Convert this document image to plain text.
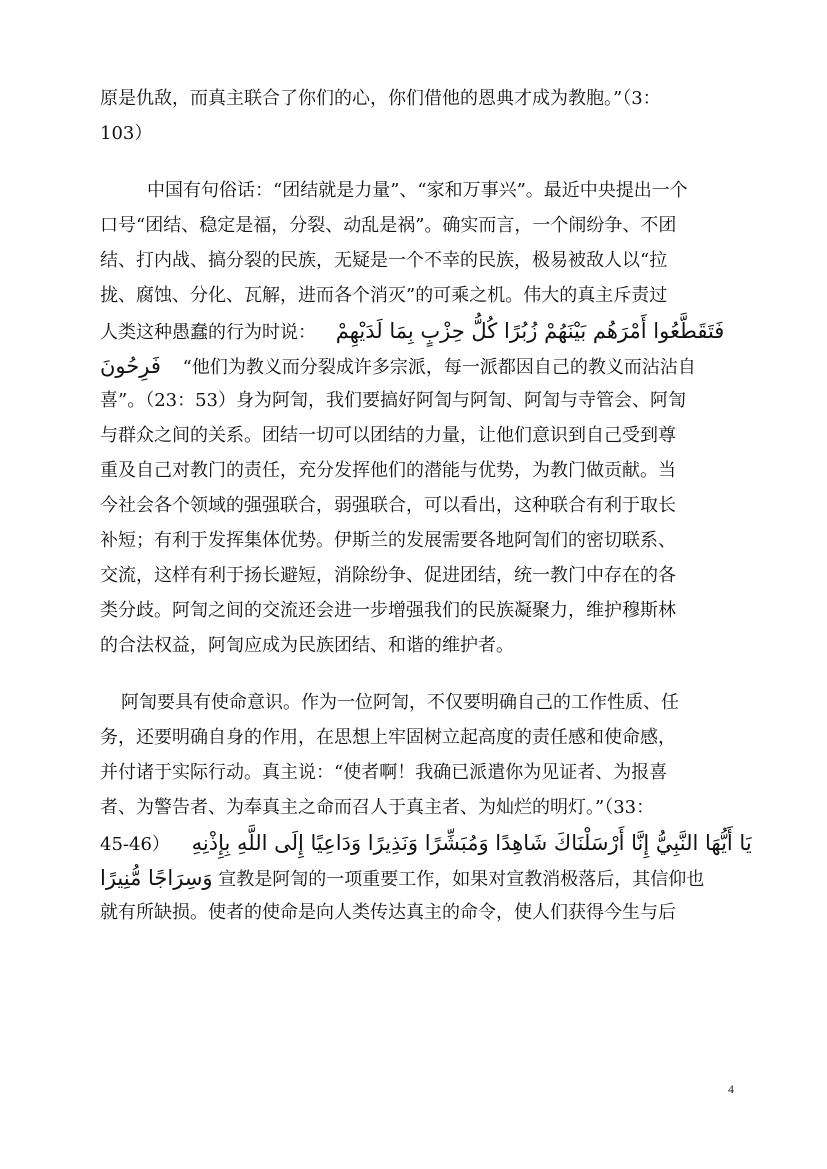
原是仇敌，而真主联合了你们的心，你们借他的恩典才成为教胞。”（3：
103）
中国有句俗话：“团结就是力量”、“家和万事兴”。最近中央提出一个
口号“团结、稳定是福，分裂、动乱是祸”。确实而言，一个闹纷争、不团
结、打内战、搞分裂的民族，无疑是一个不幸的民族，极易被敌人以“拉
拢、腐蚀、分化、瓦解，进而各个消灭”的可乘之机。伟大的真主斥责过
人类这种愚蠢的行为时说： فَتَقَطَّعُوا أَمْرَهُم بَيْنَهُمْ زُبُرًا كُلُّ حِزْبٍ بِمَا لَدَيْهِمْ
فَرِحُونَ “他们为教义而分裂成许多宗派，每一派都因自己的教义而沾沾自
喜”。（23：53）身为阿訇，我们要搞好阿訇与阿訇、阿訇与寺管会、阿訇
与群众之间的关系。团结一切可以团结的力量，让他们意识到自己受到尊
重及自己对教门的责任，充分发挥他们的潜能与优势，为教门做贡献。当
今社会各个领域的强强联合，弱强联合，可以看出，这种联合有利于取长
补短；有利于发挥集体优势。伊斯兰的发展需要各地阿訇们的密切联系、
交流，这样有利于扬长避短，消除纷争、促进团结，统一教门中存在的各
类分歧。阿訇之间的交流还会进一步增强我们的民族凝聚力，维护穆斯林
的合法权益，阿訇应成为民族团结、和谐的维护者。
阿訇要具有使命意识。作为一位阿訇，不仅要明确自己的工作性质、任
务，还要明确自身的作用，在思想上牢固树立起高度的责任感和使命感，
并付诸于实际行动。真主说：“使者啊！我确已派遣你为见证者、为报喜
者、为警告者、为奉真主之命而召人于真主者、为灿烂的明灯。”（33：
45-46） يَا أَيُّهَا النَّبِيُّ إِنَّا أَرْسَلْنَاكَ شَاهِدًا وَمُبَشِّرًا وَنَذِيرًا وَدَاعِيًا إِلَى اللَّهِ بِإِذْنِهِ
وَسِرَاجًا مُّنِيرًا 宣教是阿訇的一项重要工作，如果对宣教消极落后，其信仰也
就有所缺损。使者的使命是向人类传达真主的命令，使人们获得今生与后
4
